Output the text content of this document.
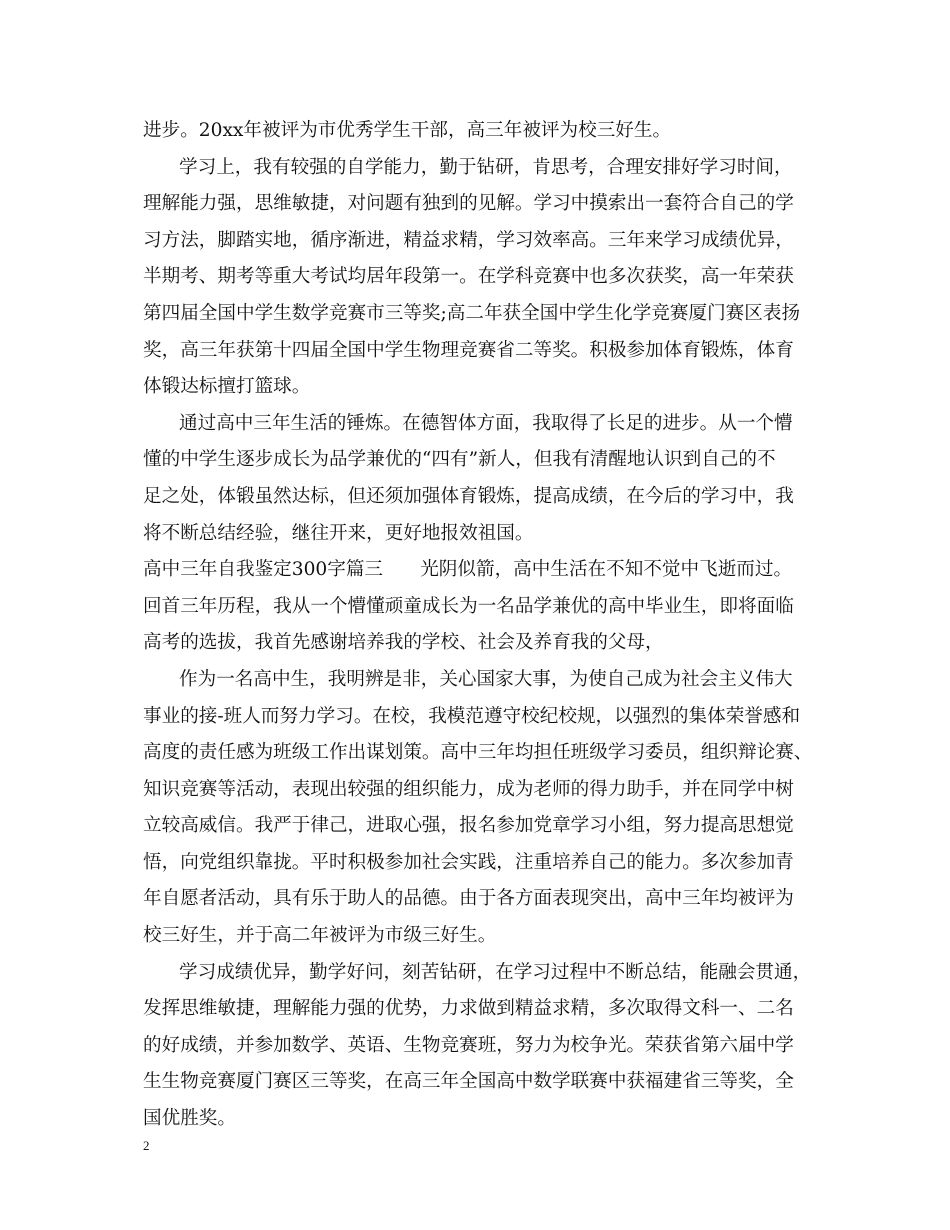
进步。20xx年被评为市优秀学生干部，高三年被评为校三好生。
学习上，我有较强的自学能力，勤于钻研，肯思考，合理安排好学习时间，
理解能力强，思维敏捷，对问题有独到的见解。学习中摸索出一套符合自己的学
习方法，脚踏实地，循序渐进，精益求精，学习效率高。三年来学习成绩优异，
半期考、期考等重大考试均居年段第一。在学科竞赛中也多次获奖，高一年荣获
第四届全国中学生数学竞赛市三等奖;高二年获全国中学生化学竞赛厦门赛区表扬
奖，高三年获第十四届全国中学生物理竞赛省二等奖。积极参加体育锻炼，体育
体锻达标擅打篮球。
通过高中三年生活的锤炼。在德智体方面，我取得了长足的进步。从一个懵
懂的中学生逐步成长为品学兼优的“四有”新人，但我有清醒地认识到自己的不
足之处，体锻虽然达标，但还须加强体育锻炼，提高成绩，在今后的学习中，我
将不断总结经验，继往开来，更好地报效祖国。
高中三年自我鉴定300字篇三　　光阴似箭，高中生活在不知不觉中飞逝而过。
回首三年历程，我从一个懵懂顽童成长为一名品学兼优的高中毕业生，即将面临
高考的选拔，我首先感谢培养我的学校、社会及养育我的父母，
作为一名高中生，我明辨是非，关心国家大事，为使自己成为社会主义伟大
事业的接-班人而努力学习。在校，我模范遵守校纪校规，以强烈的集体荣誉感和
高度的责任感为班级工作出谋划策。高中三年均担任班级学习委员，组织辩论赛、
知识竞赛等活动，表现出较强的组织能力，成为老师的得力助手，并在同学中树
立较高威信。我严于律己，进取心强，报名参加党章学习小组，努力提高思想觉
悟，向党组织靠拢。平时积极参加社会实践，注重培养自己的能力。多次参加青
年自愿者活动，具有乐于助人的品德。由于各方面表现突出，高中三年均被评为
校三好生，并于高二年被评为市级三好生。
学习成绩优异，勤学好问，刻苦钻研，在学习过程中不断总结，能融会贯通，
发挥思维敏捷，理解能力强的优势，力求做到精益求精，多次取得文科一、二名
的好成绩，并参加数学、英语、生物竞赛班，努力为校争光。荣获省第六届中学
生生物竞赛厦门赛区三等奖，在高三年全国高中数学联赛中获福建省三等奖，全
国优胜奖。
2
